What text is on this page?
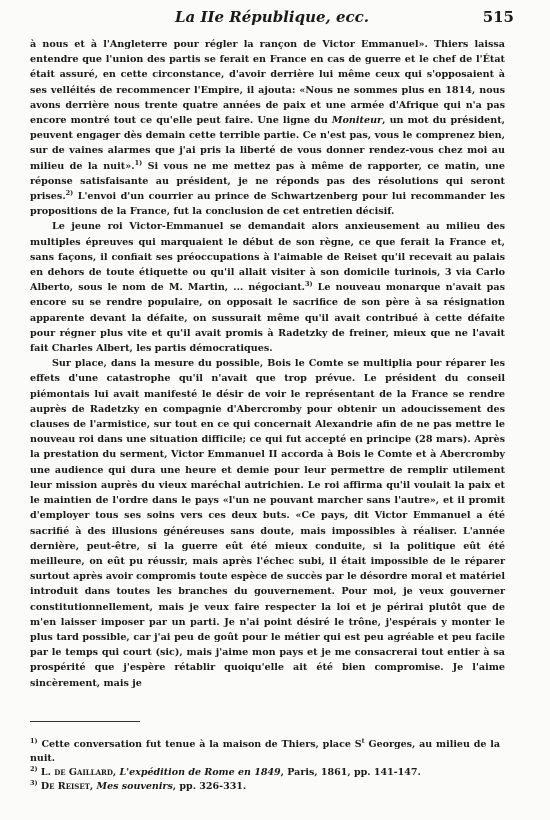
La IIe République, ecc.	515

à nous et à l'Angleterre pour régler la rançon de Victor Emmanuel». Thiers laissa entendre que l'union des partis se ferait en France en cas de guerre et le chef de l'État était assuré, en cette circonstance, d'avoir derrière lui même ceux qui s'opposaient à ses velléités de recommencer l'Empire, il ajouta: «Nous ne sommes plus en 1814, nous avons derrière nous trente quatre années de paix et une armée d'Afrique qui n'a pas encore montré tout ce qu'elle peut faire. Une ligne du Moniteur, un mot du président, peuvent engager dès demain cette terrible partie. Ce n'est pas, vous le comprenez bien, sur de vaines alarmes que j'ai pris la liberté de vous donner rendez-vous chez moi au milieu de la nuit».$^{1)}$ Si vous ne me mettez pas à même de rapporter, ce matin, une réponse satisfaisante au président, je ne réponds pas des résolutions qui seront prises.$^{2)}$ L'envoi d'un courrier au prince de Schwartzenberg pour lui recommander les propositions de la France, fut la conclusion de cet entretien décisif.

Le jeune roi Victor-Emmanuel se demandait alors anxieusement au milieu des multiples épreuves qui marquaient le début de son règne, ce que ferait la France et, sans façons, il confiait ses préoccupations à l'aimable de Reiset qu'il recevait au palais en dehors de toute étiquette ou qu'il allait visiter à son domicile turinois, 3 via Carlo Alberto, sous le nom de M. Martin, ... négociant.$^{3)}$ Le nouveau monarque n'avait pas encore su se rendre populaire, on opposait le sacrifice de son père à sa résignation apparente devant la défaite, on sussurait même qu'il avait contribué à cette défaite pour régner plus vite et qu'il avait promis à Radetzky de freiner, mieux que ne l'avait fait Charles Albert, les partis démocratiques.

Sur place, dans la mesure du possible, Bois le Comte se multiplia pour réparer les effets d'une catastrophe qu'il n'avait que trop prévue. Le président du conseil piémontais lui avait manifesté le désir de voir le représentant de la France se rendre auprès de Radetzky en compagnie d'Abercromby pour obtenir un adoucissement des clauses de l'armistice, sur tout en ce qui concernait Alexandrie afin de ne pas mettre le nouveau roi dans une situation difficile; ce qui fut accepté en principe (28 mars). Après la prestation du serment, Victor Emmanuel II accorda à Bois le Comte et à Abercromby une audience qui dura une heure et demie pour leur permettre de remplir utilement leur mission auprès du vieux maréchal autrichien. Le roi affirma qu'il voulait la paix et le maintien de l'ordre dans le pays «l'un ne pouvant marcher sans l'autre», et il promit d'employer tous ses soins vers ces deux buts. «Ce pays, dit Victor Emmanuel a été sacrifié à des illusions généreuses sans doute, mais impossibles à réaliser. L'année dernière, peut-être, si la guerre eût été mieux conduite, si la politique eût été meilleure, on eût pu réussir, mais après l'échec subi, il était impossible de le réparer surtout après avoir compromis toute espèce de succès par le désordre moral et matériel introduit dans toutes les branches du gouvernement. Pour moi, je veux gouverner constitutionnellement, mais je veux faire respecter la loi et je périrai plutôt que de m'en laisser imposer par un parti. Je n'ai point désiré le trône, j'espérais y monter le plus tard possible, car j'ai peu de goût pour le métier qui est peu agréable et peu facile par le temps qui court (sic), mais j'aime mon pays et je me consacrerai tout entier à sa prospérité que j'espère rétablir quoiqu'elle ait été bien compromise. Je l'aime sincèrement, mais je

$^{1)}$ Cette conversation fut tenue à la maison de Thiers, place $S^t$ Georges, au milieu de la nuit.

$^{2)}$ L. de Gaillard, L'expédition de Rome en 1849, Paris, 1861, pp. 141-147.

$^{3)}$ De Reiset, Mes souvenirs, pp. 326-331.
